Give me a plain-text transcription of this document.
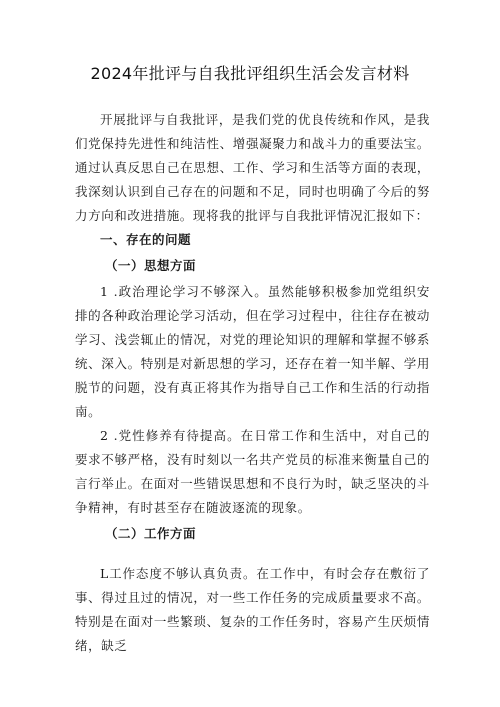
2024年批评与自我批评组织生活会发言材料

开展批评与自我批评，是我们党的优良传统和作风，是我们党保持先进性和纯洁性、增强凝聚力和战斗力的重要法宝。通过认真反思自己在思想、工作、学习和生活等方面的表现，我深刻认识到自己存在的问题和不足，同时也明确了今后的努力方向和改进措施。现将我的批评与自我批评情况汇报如下：

一、存在的问题

（一）思想方面

1 .政治理论学习不够深入。虽然能够积极参加党组织安排的各种政治理论学习活动，但在学习过程中，往往存在被动学习、浅尝辄止的情况，对党的理论知识的理解和掌握不够系统、深入。特别是对新思想的学习，还存在着一知半解、学用脱节的问题，没有真正将其作为指导自己工作和生活的行动指南。

2 .党性修养有待提高。在日常工作和生活中，对自己的要求不够严格，没有时刻以一名共产党员的标准来衡量自己的言行举止。在面对一些错误思想和不良行为时，缺乏坚决的斗争精神，有时甚至存在随波逐流的现象。

（二）工作方面

L工作态度不够认真负责。在工作中，有时会存在敷衍了事、得过且过的情况，对一些工作任务的完成质量要求不高。特别是在面对一些繁琐、复杂的工作任务时，容易产生厌烦情绪，缺乏
